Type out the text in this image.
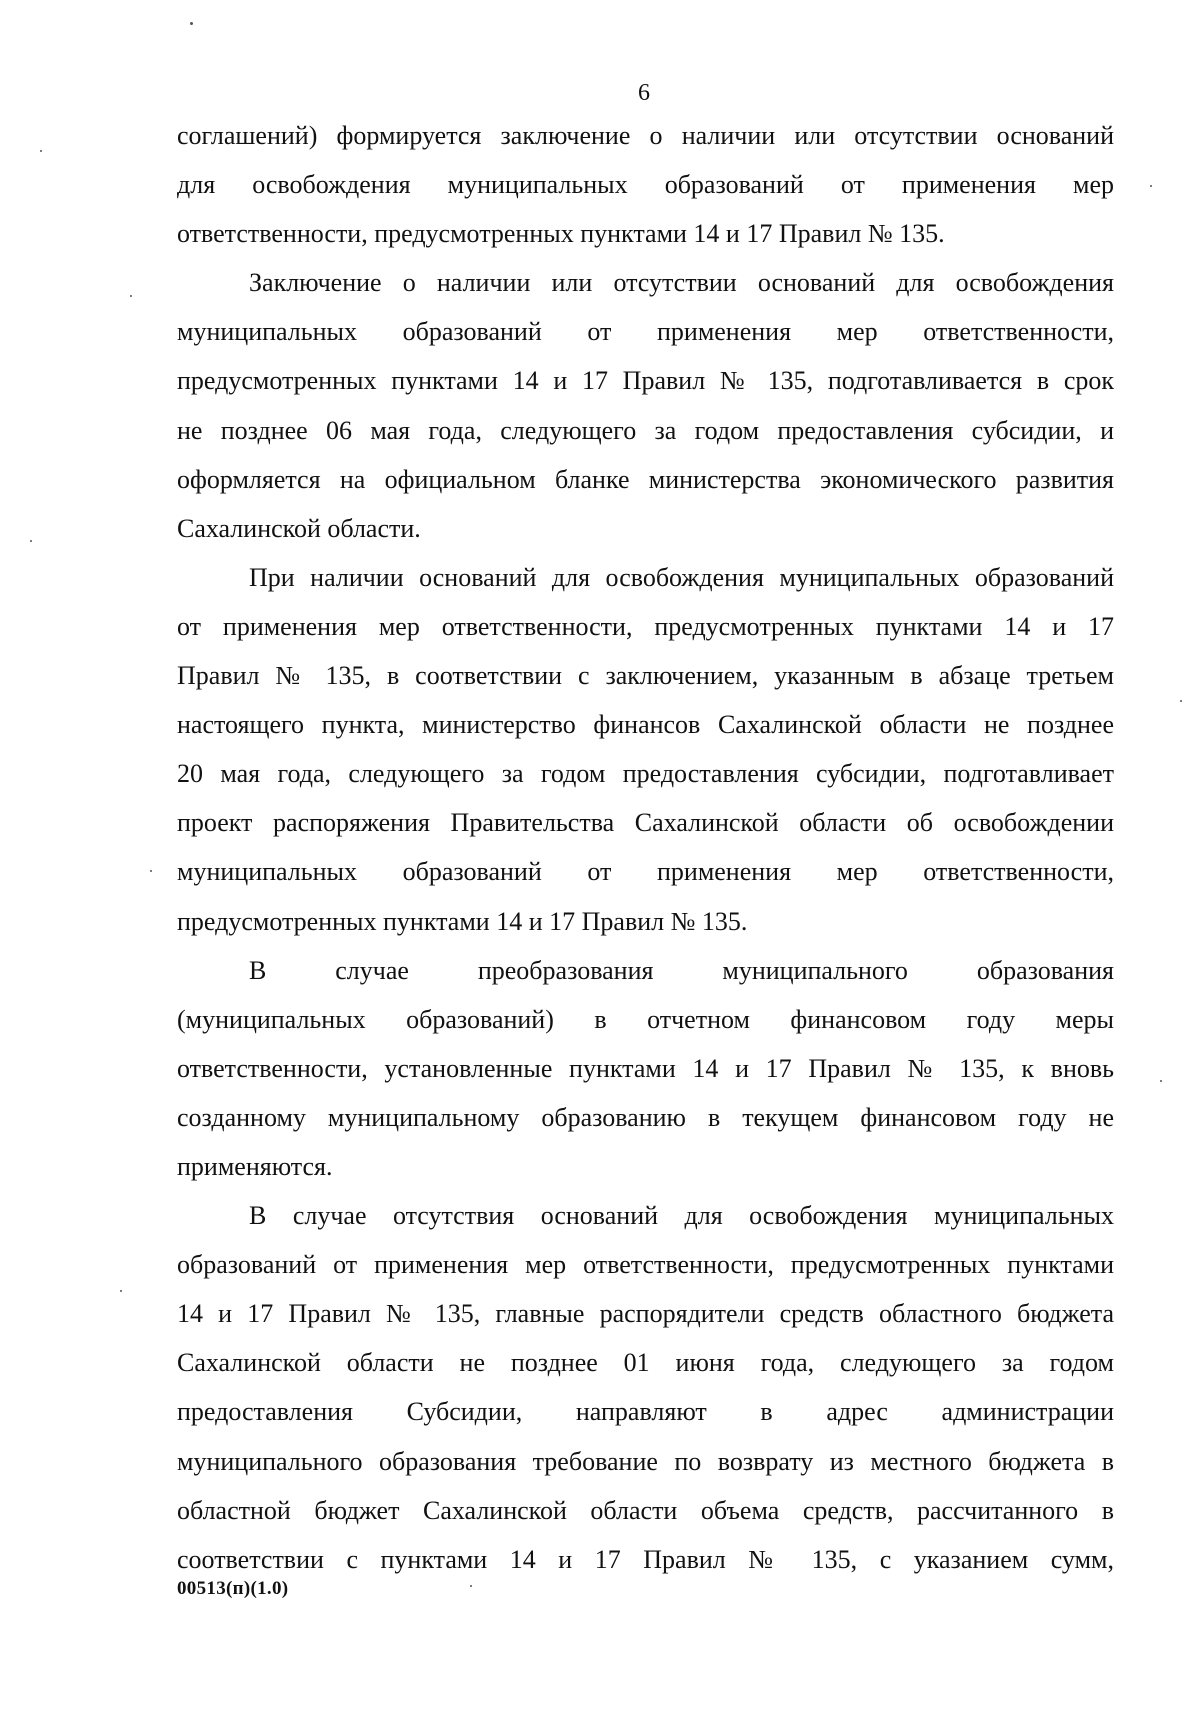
6
соглашений) формируется заключение о наличии или отсутствии оснований
для освобождения муниципальных образований от применения мер
ответственности, предусмотренных пунктами 14 и 17 Правил № 135.
Заключение о наличии или отсутствии оснований для освобождения
муниципальных образований от применения мер ответственности,
предусмотренных пунктами 14 и 17 Правил № 135, подготавливается в срок
не позднее 06 мая года, следующего за годом предоставления субсидии, и
оформляется на официальном бланке министерства экономического развития
Сахалинской области.
При наличии оснований для освобождения муниципальных образований
от применения мер ответственности, предусмотренных пунктами 14 и 17
Правил № 135, в соответствии с заключением, указанным в абзаце третьем
настоящего пункта, министерство финансов Сахалинской области не позднее
20 мая года, следующего за годом предоставления субсидии, подготавливает
проект распоряжения Правительства Сахалинской области об освобождении
муниципальных образований от применения мер ответственности,
предусмотренных пунктами 14 и 17 Правил № 135.
В случае преобразования муниципального образования
(муниципальных образований) в отчетном финансовом году меры
ответственности, установленные пунктами 14 и 17 Правил № 135, к вновь
созданному муниципальному образованию в текущем финансовом году не
применяются.
В случае отсутствия оснований для освобождения муниципальных
образований от применения мер ответственности, предусмотренных пунктами
14 и 17 Правил № 135, главные распорядители средств областного бюджета
Сахалинской области не позднее 01 июня года, следующего за годом
предоставления Субсидии, направляют в адрес администрации
муниципального образования требование по возврату из местного бюджета в
областной бюджет Сахалинской области объема средств, рассчитанного в
соответствии с пунктами 14 и 17 Правил № 135, с указанием сумм,
00513(п)(1.0)
